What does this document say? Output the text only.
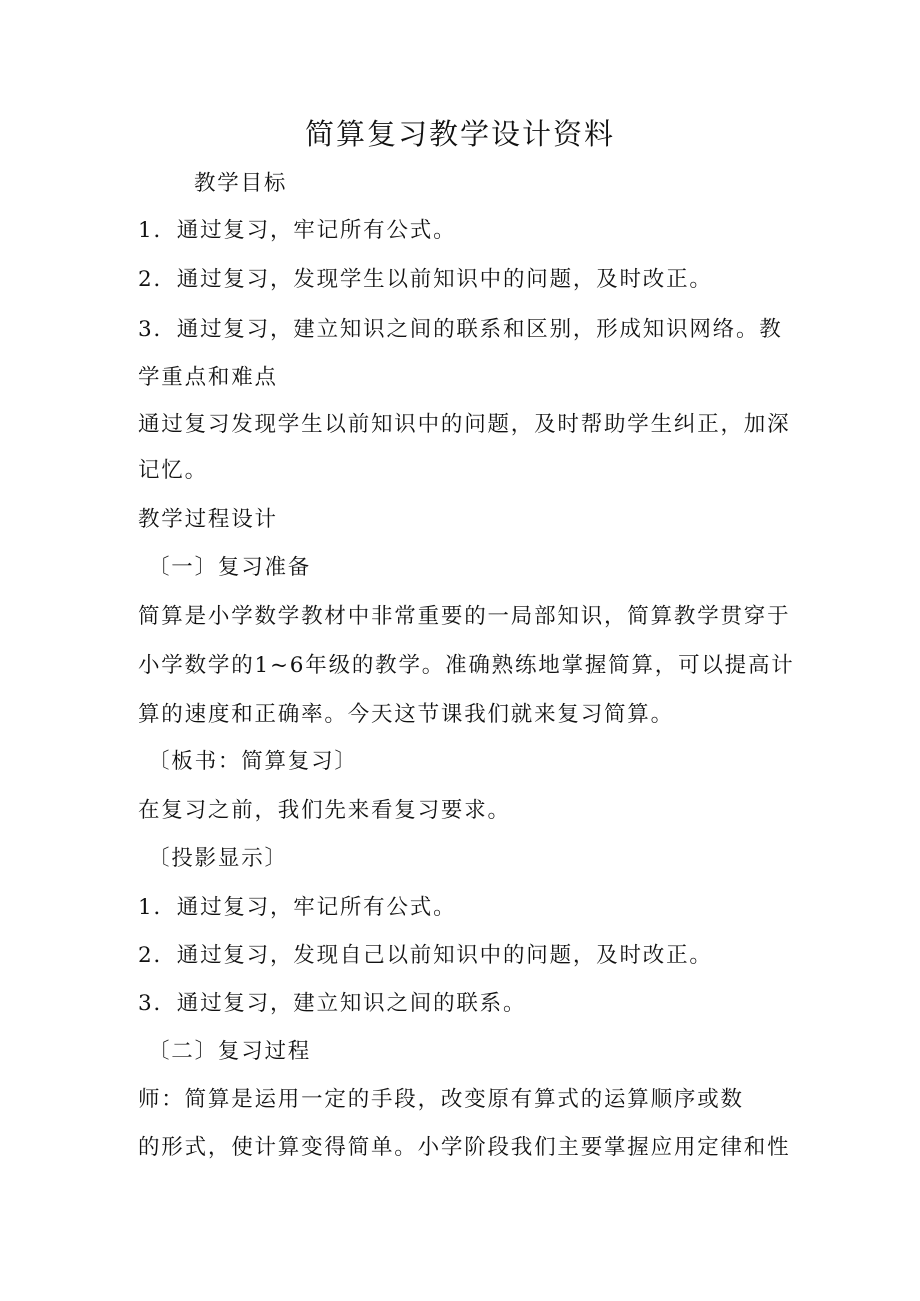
简算复习教学设计资料
教学目标
1．通过复习，牢记所有公式。
2．通过复习，发现学生以前知识中的问题，及时改正。
3．通过复习，建立知识之间的联系和区别，形成知识网络。教
学重点和难点
通过复习发现学生以前知识中的问题，及时帮助学生纠正，加深
记忆。
教学过程设计
〔一〕复习准备
简算是小学数学教材中非常重要的一局部知识，简算教学贯穿于
小学数学的1~6年级的教学。准确熟练地掌握简算，可以提高计
算的速度和正确率。今天这节课我们就来复习简算。
〔板书：简算复习〕
在复习之前，我们先来看复习要求。
〔投影显示〕
1．通过复习，牢记所有公式。
2．通过复习，发现自己以前知识中的问题，及时改正。
3．通过复习，建立知识之间的联系。
〔二〕复习过程
师：简算是运用一定的手段，改变原有算式的运算顺序或数
的形式，使计算变得简单。小学阶段我们主要掌握应用定律和性
